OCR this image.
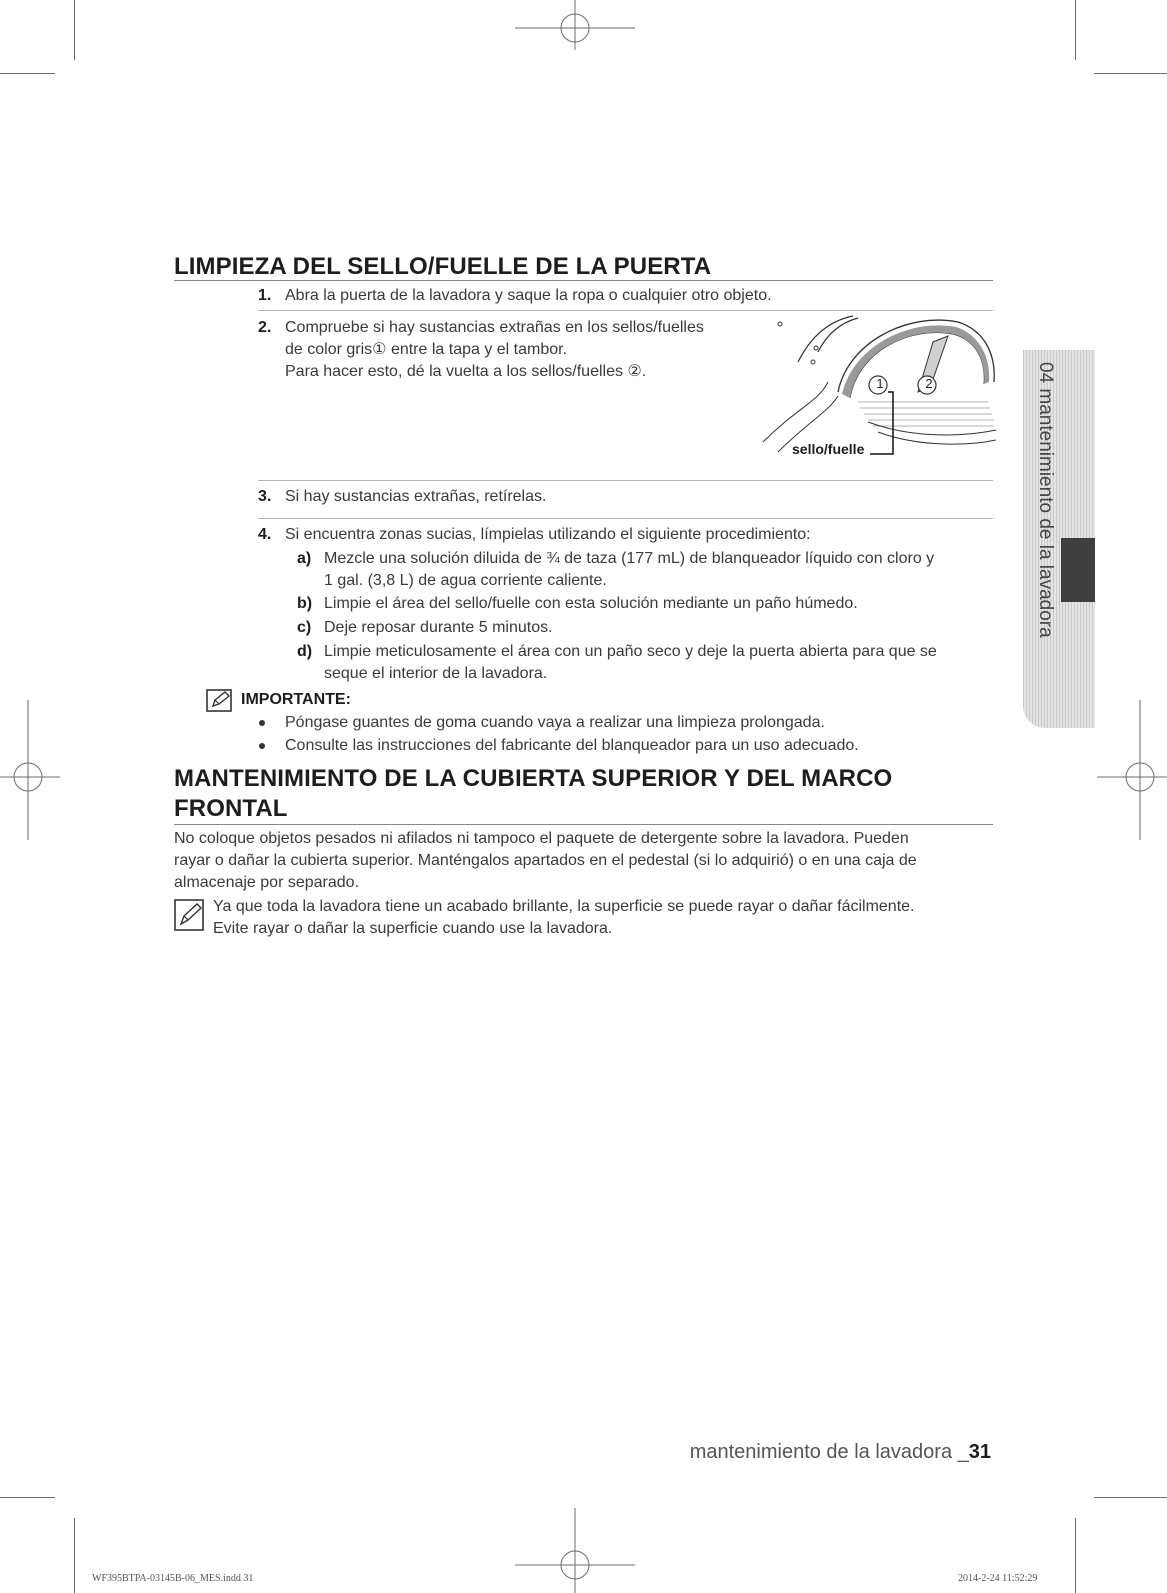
LIMPIEZA DEL SELLO/FUELLE DE LA PUERTA
1. Abra la puerta de la lavadora y saque la ropa o cualquier otro objeto.
2. Compruebe si hay sustancias extrañas en los sellos/fuelles
de color gris① entre la tapa y el tambor.
Para hacer esto, dé la vuelta a los sellos/fuelles ②.
1	2
sello/fuelle
3. Si hay sustancias extrañas, retírelas.
4. Si encuentra zonas sucias, límpielas utilizando el siguiente procedimiento:
a) Mezcle una solución diluida de ¾ de taza (177 mL) de blanqueador líquido con cloro y
1 gal. (3,8 L) de agua corriente caliente.
b) Limpie el área del sello/fuelle con esta solución mediante un paño húmedo.
c) Deje reposar durante 5 minutos.
d) Limpie meticulosamente el área con un paño seco y deje la puerta abierta para que se
seque el interior de la lavadora.
IMPORTANTE:
Póngase guantes de goma cuando vaya a realizar una limpieza prolongada.
Consulte las instrucciones del fabricante del blanqueador para un uso adecuado.
MANTENIMIENTO DE LA CUBIERTA SUPERIOR Y DEL MARCO
FRONTAL
No coloque objetos pesados ni afilados ni tampoco el paquete de detergente sobre la lavadora. Pueden
rayar o dañar la cubierta superior. Manténgalos apartados en el pedestal (si lo adquirió) o en una caja de
almacenaje por separado.
Ya que toda la lavadora tiene un acabado brillante, la superficie se puede rayar o dañar fácilmente.
Evite rayar o dañar la superficie cuando use la lavadora.
04 mantenimiento de la lavadora
mantenimiento de la lavadora _31
WF395BTPA-03145B-06_MES.indd 31	2014-2-24 11:52:29
